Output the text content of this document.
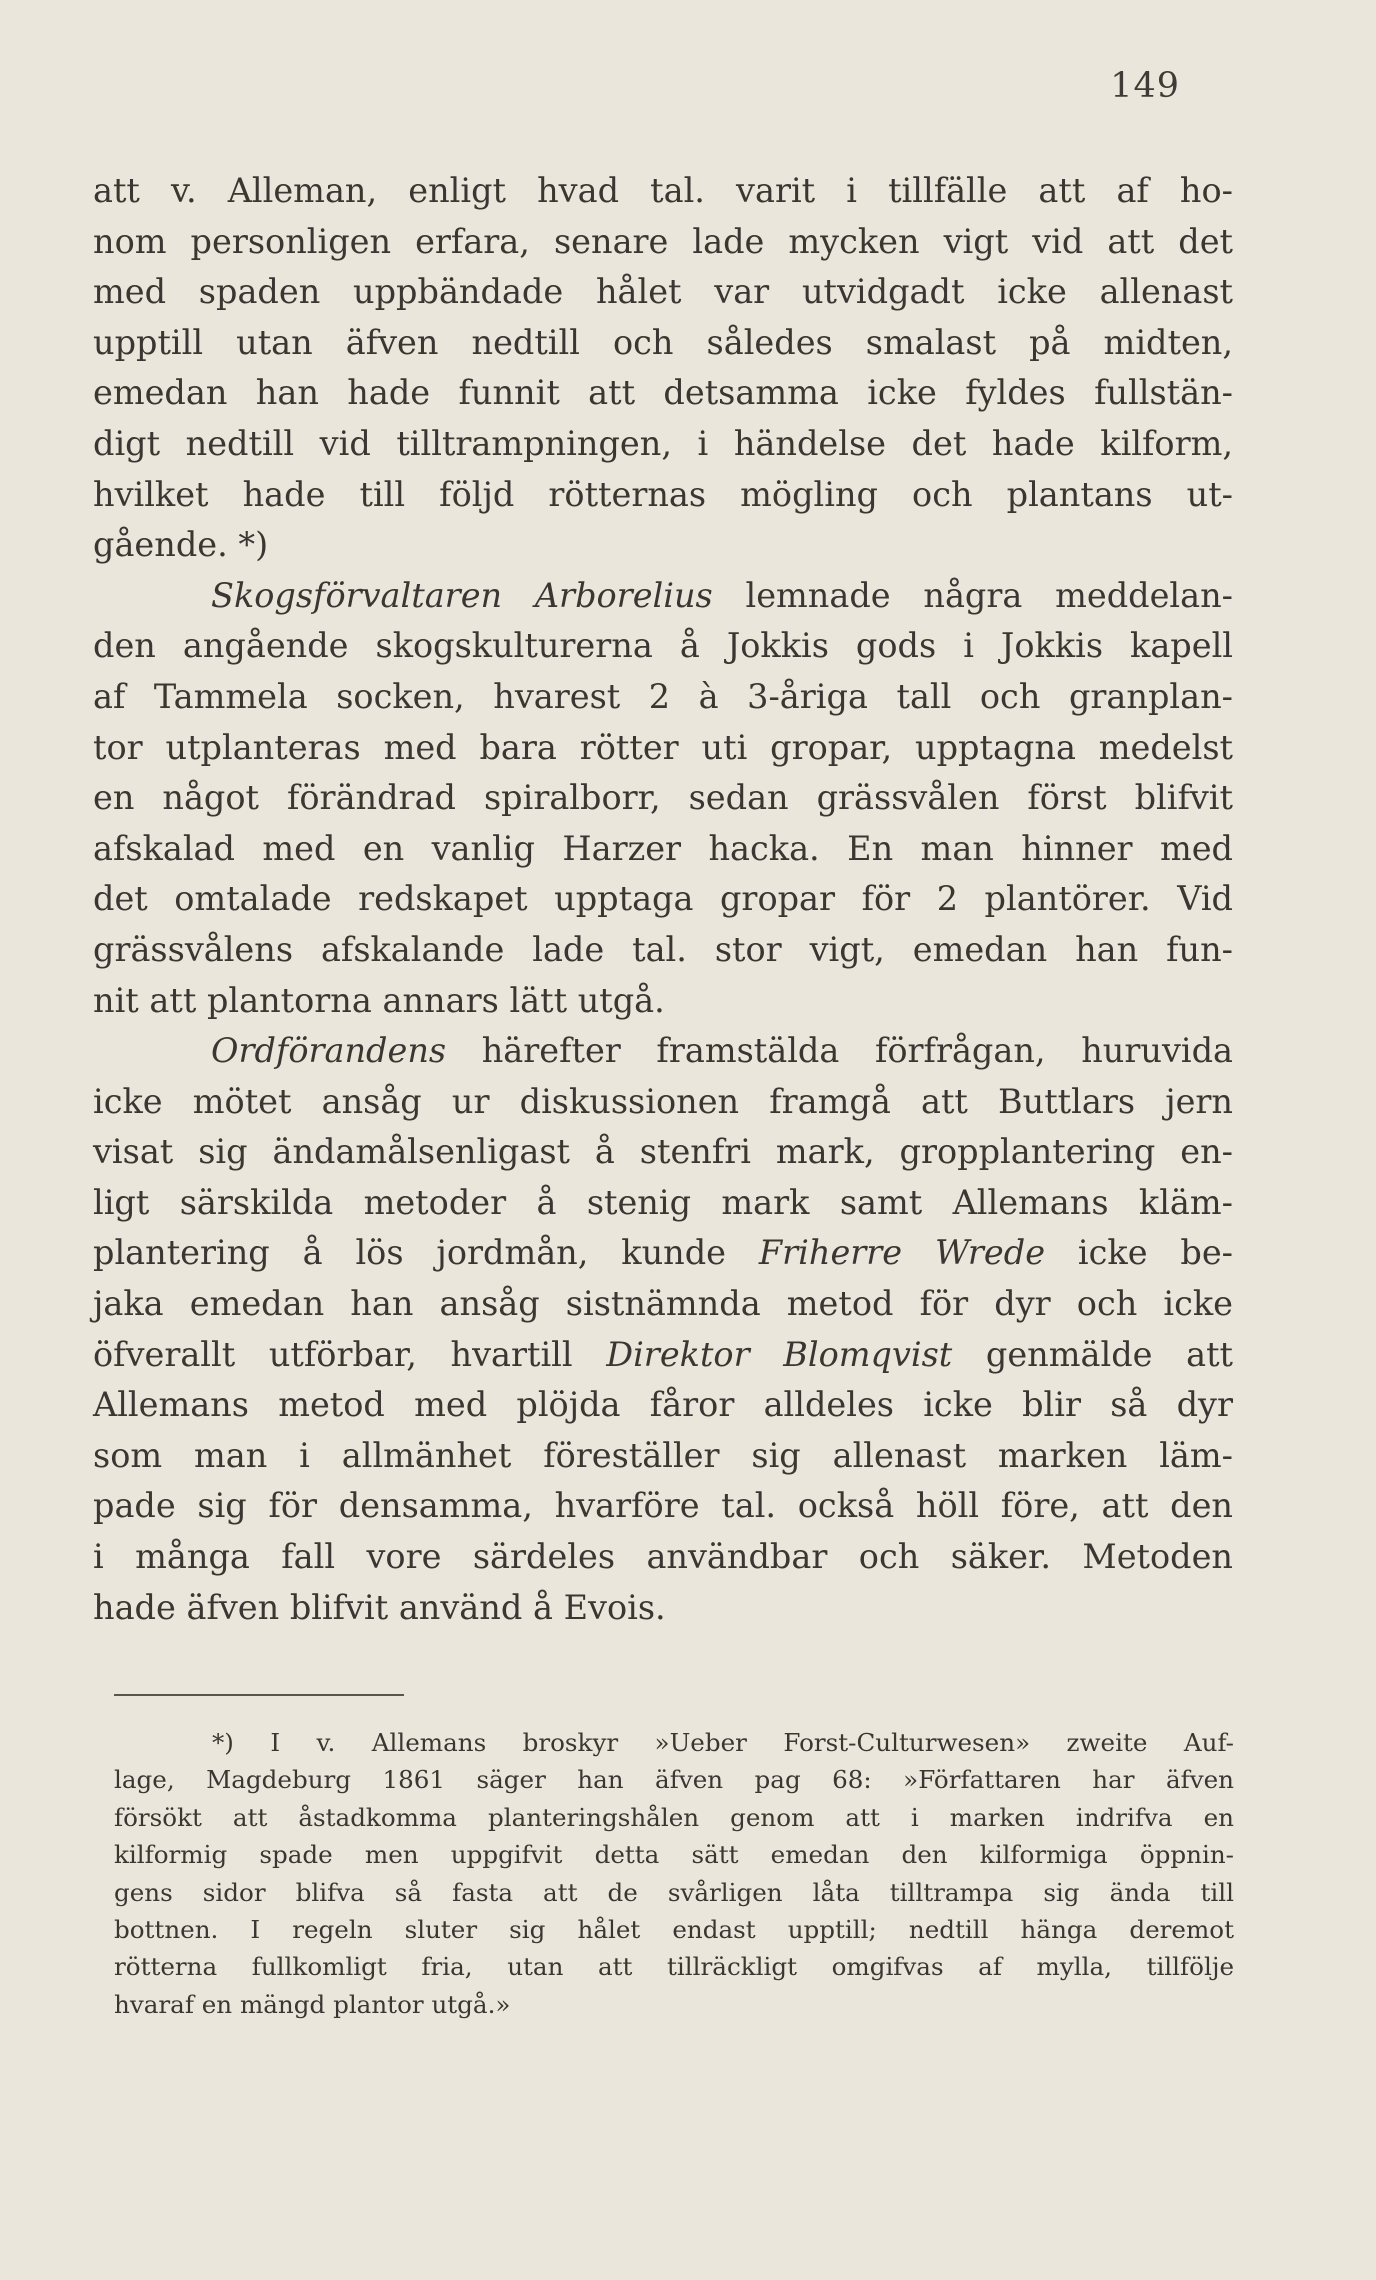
149
att v. Alleman, enligt hvad tal. varit i tillfälle att af ho-
nom personligen erfara, senare lade mycken vigt vid att det
med spaden uppbändade hålet var utvidgadt icke allenast
upptill utan äfven nedtill och således smalast på midten,
emedan han hade funnit att detsamma icke fyldes fullstän-
digt nedtill vid tilltrampningen, i händelse det hade kilform,
hvilket hade till följd rötternas mögling och plantans ut-
gående. *)
Skogsförvaltaren Arborelius lemnade några meddelan-
den angående skogskulturerna å Jokkis gods i Jokkis kapell
af Tammela socken, hvarest 2 à 3-åriga tall och granplan-
tor utplanteras med bara rötter uti gropar, upptagna medelst
en något förändrad spiralborr, sedan grässvålen först blifvit
afskalad med en vanlig Harzer hacka. En man hinner med
det omtalade redskapet upptaga gropar för 2 plantörer. Vid
grässvålens afskalande lade tal. stor vigt, emedan han fun-
nit att plantorna annars lätt utgå.
Ordförandens härefter framstälda förfrågan, huruvida
icke mötet ansåg ur diskussionen framgå att Buttlars jern
visat sig ändamålsenligast å stenfri mark, gropplantering en-
ligt särskilda metoder å stenig mark samt Allemans kläm-
plantering å lös jordmån, kunde Friherre Wrede icke be-
jaka emedan han ansåg sistnämnda metod för dyr och icke
öfverallt utförbar, hvartill Direktor Blomqvist genmälde att
Allemans metod med plöjda fåror alldeles icke blir så dyr
som man i allmänhet föreställer sig allenast marken läm-
pade sig för densamma, hvarföre tal. också höll före, att den
i många fall vore särdeles användbar och säker. Metoden
hade äfven blifvit använd å Evois.
*) I v. Allemans broskyr »Ueber Forst-Culturwesen» zweite Auf-
lage, Magdeburg 1861 säger han äfven pag 68: »Författaren har äfven
försökt att åstadkomma planteringshålen genom att i marken indrifva en
kilformig spade men uppgifvit detta sätt emedan den kilformiga öppnin-
gens sidor blifva så fasta att de svårligen låta tilltrampa sig ända till
bottnen. I regeln sluter sig hålet endast upptill; nedtill hänga deremot
rötterna fullkomligt fria, utan att tillräckligt omgifvas af mylla, tillfölje
hvaraf en mängd plantor utgå.»
